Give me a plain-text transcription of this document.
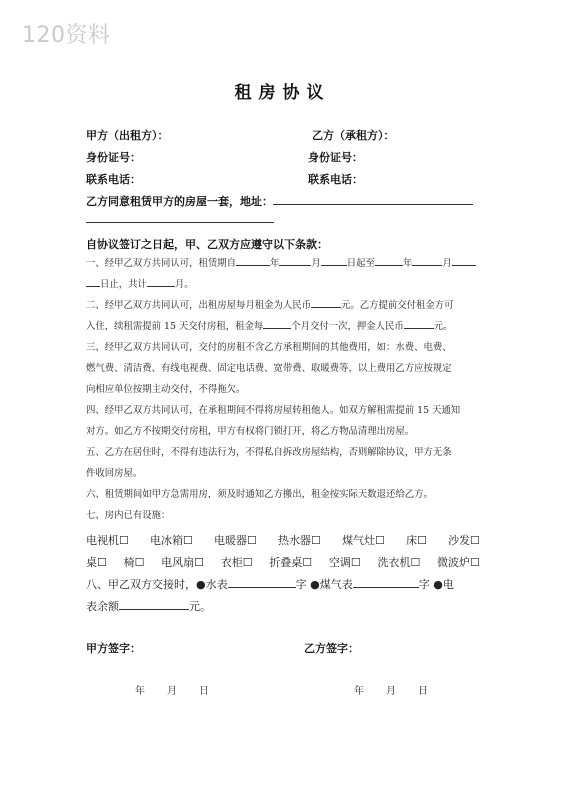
120资料
租房协议
甲方（出租方）：	乙方（承租方）：
身份证号：	身份证号：
联系电话：	联系电话：
乙方同意租赁甲方的房屋一套，地址：
自协议签订之日起，甲、乙双方应遵守以下条款：
一、经甲乙双方共同认可，租赁期自	年	月	日起至	年	月
日止，共计	月。
二、经甲乙双方共同认可，出租房屋每月租金为人民币	元。乙方提前交付租金方可
入住，续租需提前 15 天交付房租，租金每	个月交付一次，押金人民币	元。
三、经甲乙双方共同认可，交付的房租不含乙方承租期间的其他费用，如：水费、电费、
燃气费、清洁费、有线电视费、固定电话费、宽带费、取暖费等，以上费用乙方应按规定
向相应单位按期主动交付，不得拖欠。
四、经甲乙双方共同认可，在承租期间不得将房屋转租他人。如双方解租需提前 15 天通知
对方。如乙方不按期交付房租，甲方有权将门锁打开，将乙方物品清理出房屋。
五、乙方在居住时，不得有违法行为，不得私自拆改房屋结构，否则解除协议，甲方无条
件收回房屋。
六、租赁期间如甲方急需用房，须及时通知乙方搬出，租金按实际天数退还给乙方。
七、房内已有设施：
电视机☐ 电冰箱☐ 电暖器☐ 热水器☐ 煤气灶☐ 床☐ 沙发☐
桌☐ 椅☐ 电风扇☐ 衣柜☐ 折叠桌☐ 空调☐ 洗衣机☐ 微波炉☐
八、甲乙双方交接时，●水表	字 ●煤气表	字 ●电
表余额	元。
甲方签字：	乙方签字：
年 月 日	年 月 日
